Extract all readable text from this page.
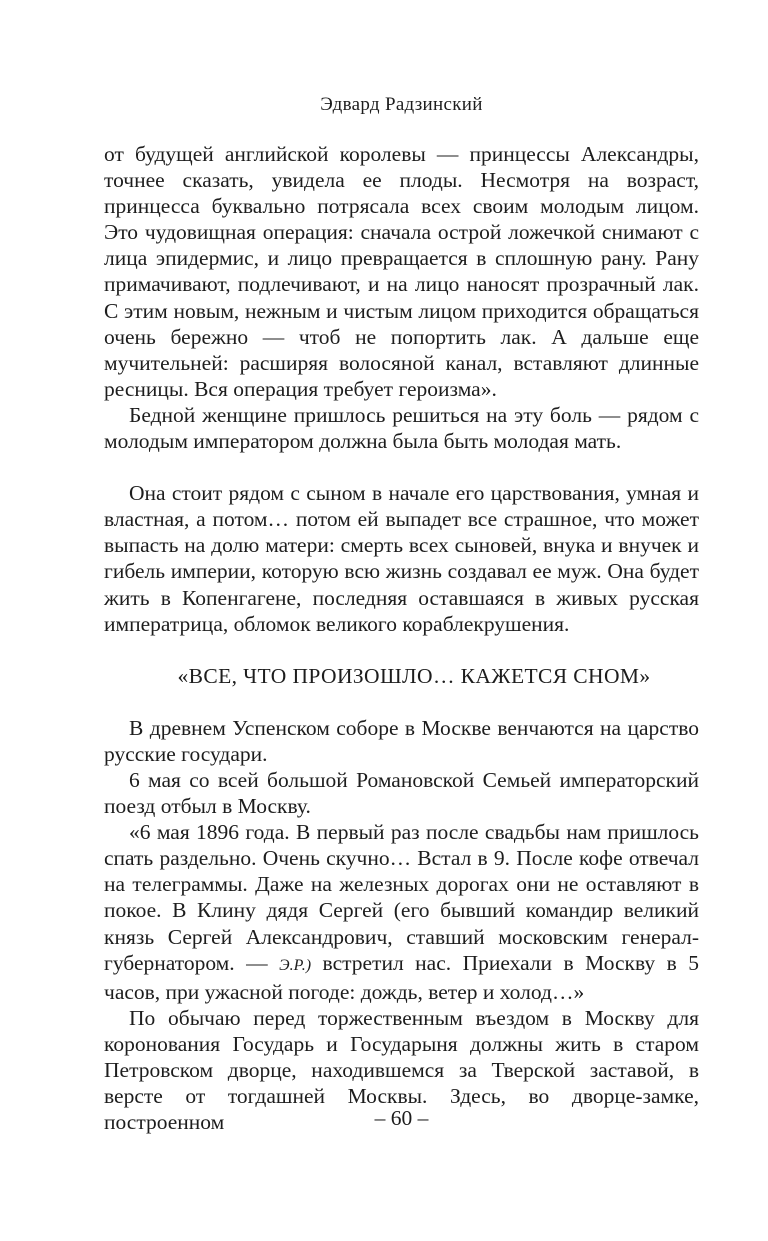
Эдвард Радзинский

от будущей английской королевы — принцессы Александры, точнее сказать, увидела ее плоды. Несмотря на возраст, принцесса буквально потрясала всех своим молодым лицом. Это чудовищная операция: сначала острой ложечкой снимают с лица эпидермис, и лицо превращается в сплошную рану. Рану примачивают, подлечивают, и на лицо наносят прозрачный лак. С этим новым, нежным и чистым лицом приходится обращаться очень бережно — чтоб не попортить лак. А дальше еще мучительней: расширяя волосяной канал, вставляют длинные ресницы. Вся операция требует героизма».

Бедной женщине пришлось решиться на эту боль — рядом с молодым императором должна была быть молодая мать.

Она стоит рядом с сыном в начале его царствования, умная и властная, а потом… потом ей выпадет все страшное, что может выпасть на долю матери: смерть всех сыновей, внука и внучек и гибель империи, которую всю жизнь создавал ее муж. Она будет жить в Копенгагене, последняя оставшаяся в живых русская императрица, обломок великого кораблекрушения.

«ВСЕ, ЧТО ПРОИЗОШЛО… КАЖЕТСЯ СНОМ»

В древнем Успенском соборе в Москве венчаются на царство русские государи.

6 мая со всей большой Романовской Семьей императорский поезд отбыл в Москву.

«6 мая 1896 года. В первый раз после свадьбы нам пришлось спать раздельно. Очень скучно… Встал в 9. После кофе отвечал на телеграммы. Даже на железных дорогах они не оставляют в покое. В Клину дядя Сергей (его бывший командир великий князь Сергей Александрович, ставший московским генерал-губернатором. — Э.Р.) встретил нас. Приехали в Москву в 5 часов, при ужасной погоде: дождь, ветер и холод…»

По обычаю перед торжественным въездом в Москву для коронования Государь и Государыня должны жить в старом Петровском дворце, находившемся за Тверской заставой, в версте от тогдашней Москвы. Здесь, во дворце-замке, построенном	– 60 –
